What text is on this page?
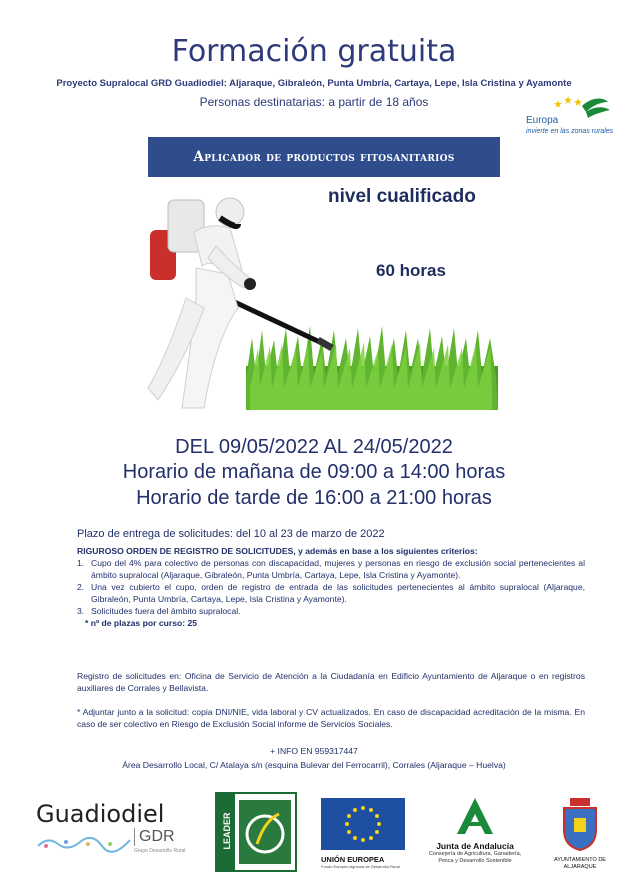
Formación gratuita
Proyecto Supralocal GRD Guadiodiel: Aljaraque, Gibraleón, Punta Umbría, Cartaya, Lepe, Isla Cristina y Ayamonte
Personas destinatarias: a partir de 18 años
Europa
invierte en las zonas rurales
Aplicador de productos fitosanitarios
nivel cualificado
60 horas
DEL 09/05/2022 AL 24/05/2022
Horario de mañana de 09:00 a 14:00 horas
Horario de tarde de 16:00 a 21:00 horas
Plazo de entrega de solicitudes: del 10 al 23 de marzo de 2022

RIGUROSO ORDEN DE REGISTRO DE SOLICITUDES, y además en base a los siguientes criterios:

1. Cupo del 4% para colectivo de personas con discapacidad, mujeres y personas en riesgo de exclusión social pertenecientes al ámbito supralocal (Aljaraque, Gibraleón, Punta Umbría, Cartaya, Lepe, Isla Cristina y Ayamonte).
2. Una vez cubierto el cupo, orden de registro de entrada de las solicitudes pertenecientes al ámbito supralocal (Aljaraque, Gibraleón, Punta Umbría, Cartaya, Lepe, Isla Cristina y Ayamonte).
3. Solicitudes fuera del ámbito supralocal.

* nº de plazas por curso: 25

Registro de solicitudes en: Oficina de Servicio de Atención a la Ciudadanía en Edificio Ayuntamiento de Aljaraque o en registros auxiliares de Corrales y Bellavista.
* Adjuntar junto a la solicitud: copia DNI/NIE, vida laboral y CV actualizados. En caso de discapacidad acreditación de la misma. En caso de ser colectivo en Riesgo de Exclusión Social informe de Servicios Sociales.
+ INFO EN 959317447
Área Desarrollo Local, C/ Atalaya s/n (esquina Bulevar del Ferrocarril), Corrales (Aljaraque – Huelva)
Guadiodiel
GDR
Grupo Desarrollo Rural
LEADER
UNIÓN EUROPEA
Fondo Europeo Agrícola de Desarrollo Rural
Junta de Andalucía
Consejería de Agricultura, Ganadería, Pesca y Desarrollo Sostenible	AYUNTAMIENTO DE ALJARAQUE
